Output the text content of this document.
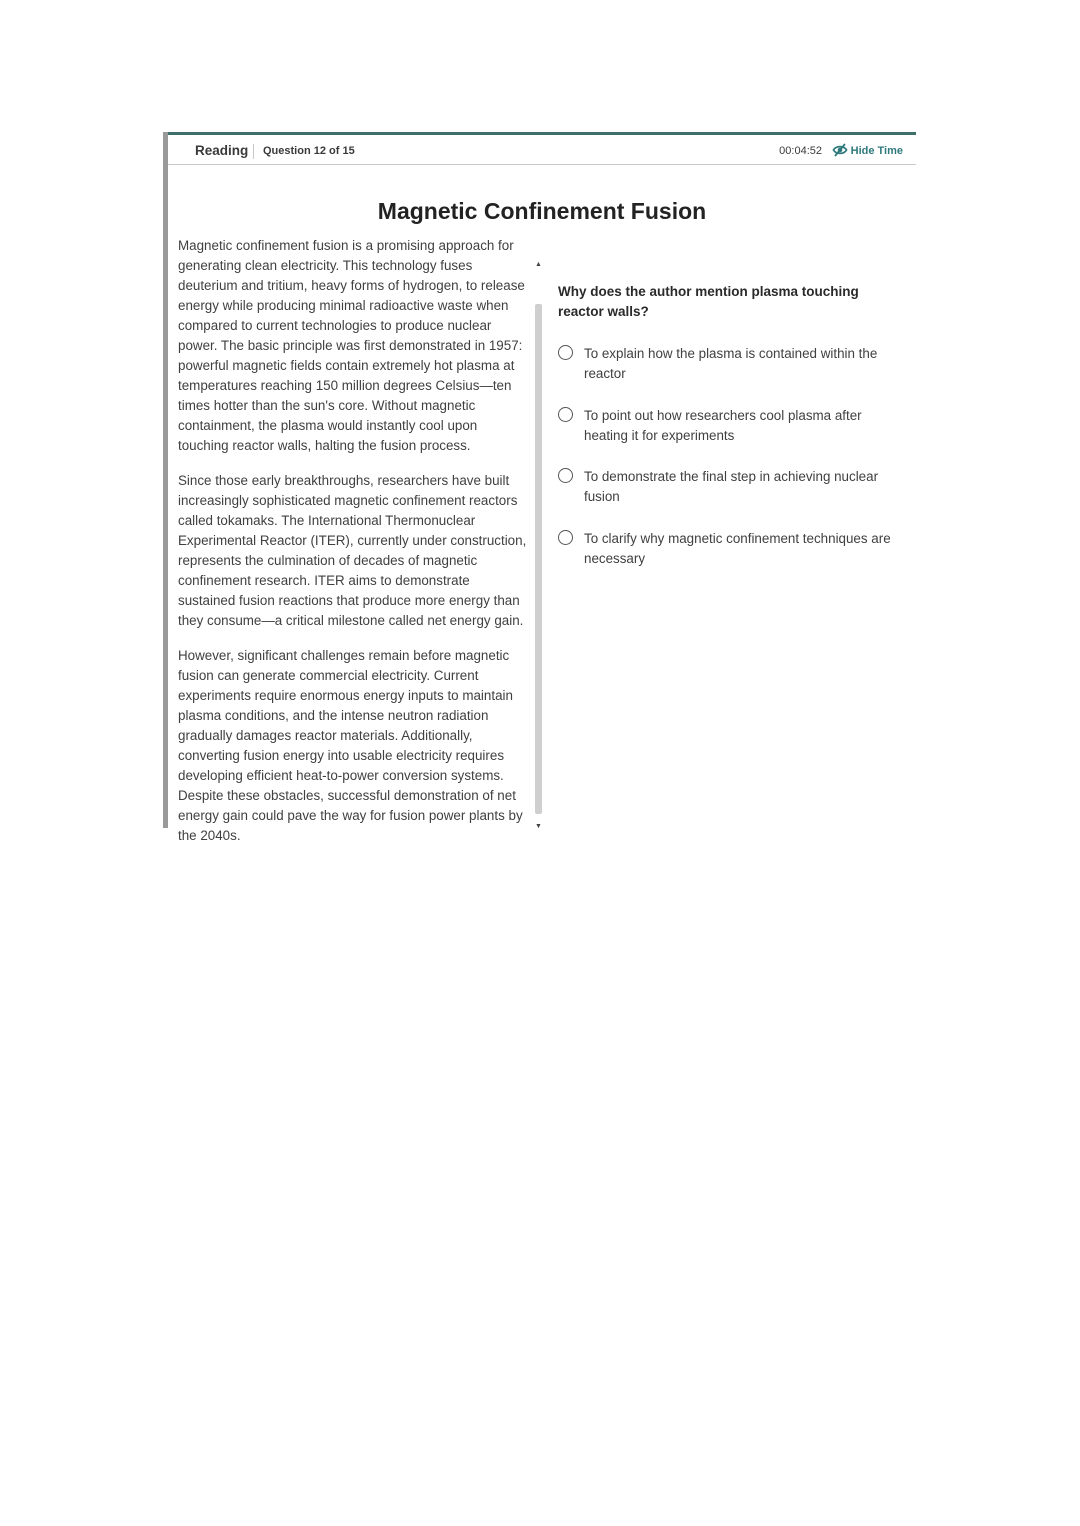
Reading Question 12 of 15	00:04:52	Hide Time
Magnetic Confinement Fusion

Magnetic confinement fusion is a promising approach for generating clean electricity. This technology fuses deuterium and tritium, heavy forms of hydrogen, to release energy while producing minimal radioactive waste when compared to current technologies to produce nuclear power. The basic principle was first demonstrated in 1957: powerful magnetic fields contain extremely hot plasma at temperatures reaching 150 million degrees Celsius—ten times hotter than the sun's core. Without magnetic containment, the plasma would instantly cool upon touching reactor walls, halting the fusion process.

Since those early breakthroughs, researchers have built increasingly sophisticated magnetic confinement reactors called tokamaks. The International Thermonuclear Experimental Reactor (ITER), currently under construction, represents the culmination of decades of magnetic confinement research. ITER aims to demonstrate sustained fusion reactions that produce more energy than they consume—a critical milestone called net energy gain.

However, significant challenges remain before magnetic fusion can generate commercial electricity. Current experiments require enormous energy inputs to maintain plasma conditions, and the intense neutron radiation gradually damages reactor materials. Additionally, converting fusion energy into usable electricity requires developing efficient heat-to-power conversion systems. Despite these obstacles, successful demonstration of net energy gain could pave the way for fusion power plants by the 2040s.

▲
▼
Why does the author mention plasma touching reactor walls?
To explain how the plasma is contained within the reactor
To point out how researchers cool plasma after heating it for experiments
To demonstrate the final step in achieving nuclear fusion
To clarify why magnetic confinement techniques are necessary
